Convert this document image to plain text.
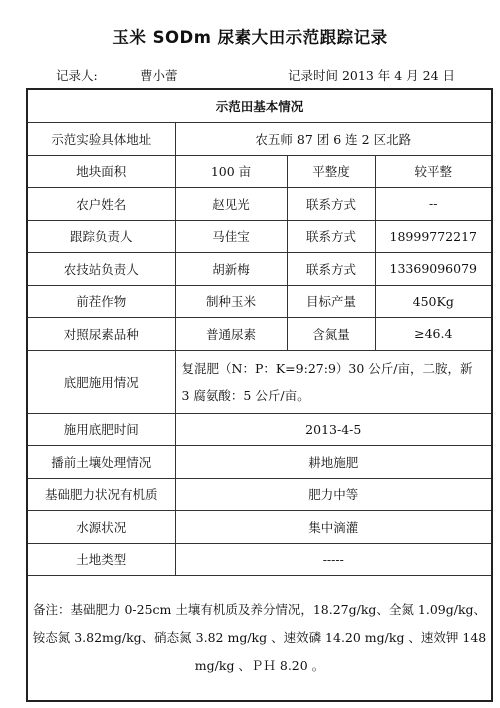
玉米 SODm 尿素大田示范跟踪记录
记录人:	曹小蕾	记录时间 2013 年 4 月 24 日
示范田基本情况			
示范实验具体地址	农五师 87 团 6 连 2 区北路		
地块面积	100 亩	平整度	较平整
农户姓名	赵见光	联系方式	--
跟踪负责人	马佳宝	联系方式	18999772217
农技站负责人	胡新梅	联系方式	13369096079
前茬作物	制种玉米	目标产量	450Kg
对照尿素品种	普通尿素	含氮量	≥46.4
底肥施用情况	复混肥（N：P：K=9:27:9）30 公斤/亩，二胺，新 3 腐氨酸：5 公斤/亩。		
施用底肥时间	2013-4-5		
播前土壤处理情况	耕地施肥		
基础肥力状况有机质	肥力中等		
水源状况	集中滴灌		
土地类型	-----		
备注：基础肥力 0-25cm 土壤有机质及养分情况，18.27g/kg、全氮 1.09g/kg、铵态氮 3.82mg/kg、硝态氮 3.82 mg/kg 、速效磷 14.20 mg/kg 、速效钾 148 mg/kg 、ＰＨ 8.20 。			
